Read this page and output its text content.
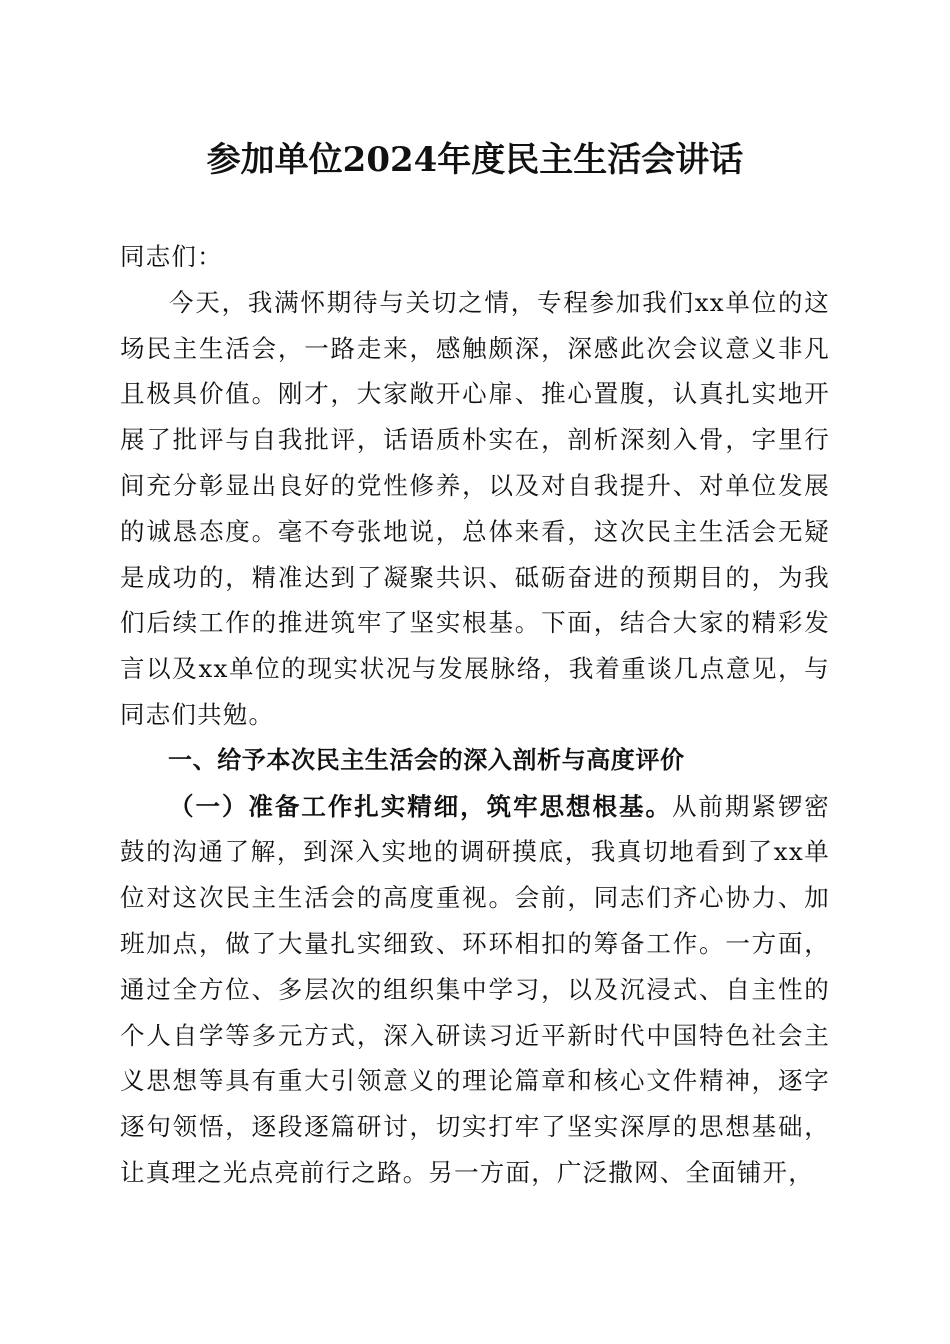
参加单位2024年度民主生活会讲话

同志们：

今天，我满怀期待与关切之情，专程参加我们xx单位的这场民主生活会，一路走来，感触颇深，深感此次会议意义非凡且极具价值。刚才，大家敞开心扉、推心置腹，认真扎实地开展了批评与自我批评，话语质朴实在，剖析深刻入骨，字里行间充分彰显出良好的党性修养，以及对自我提升、对单位发展的诚恳态度。毫不夸张地说，总体来看，这次民主生活会无疑是成功的，精准达到了凝聚共识、砥砺奋进的预期目的，为我们后续工作的推进筑牢了坚实根基。下面，结合大家的精彩发言以及xx单位的现实状况与发展脉络，我着重谈几点意见，与同志们共勉。

一、给予本次民主生活会的深入剖析与高度评价

（一）准备工作扎实精细，筑牢思想根基。从前期紧锣密鼓的沟通了解，到深入实地的调研摸底，我真切地看到了xx单位对这次民主生活会的高度重视。会前，同志们齐心协力、加班加点，做了大量扎实细致、环环相扣的筹备工作。一方面，通过全方位、多层次的组织集中学习，以及沉浸式、自主性的个人自学等多元方式，深入研读习近平新时代中国特色社会主义思想等具有重大引领意义的理论篇章和核心文件精神，逐字逐句领悟，逐段逐篇研讨，切实打牢了坚实深厚的思想基础，让真理之光点亮前行之路。另一方面，广泛撒网、全面铺开，
